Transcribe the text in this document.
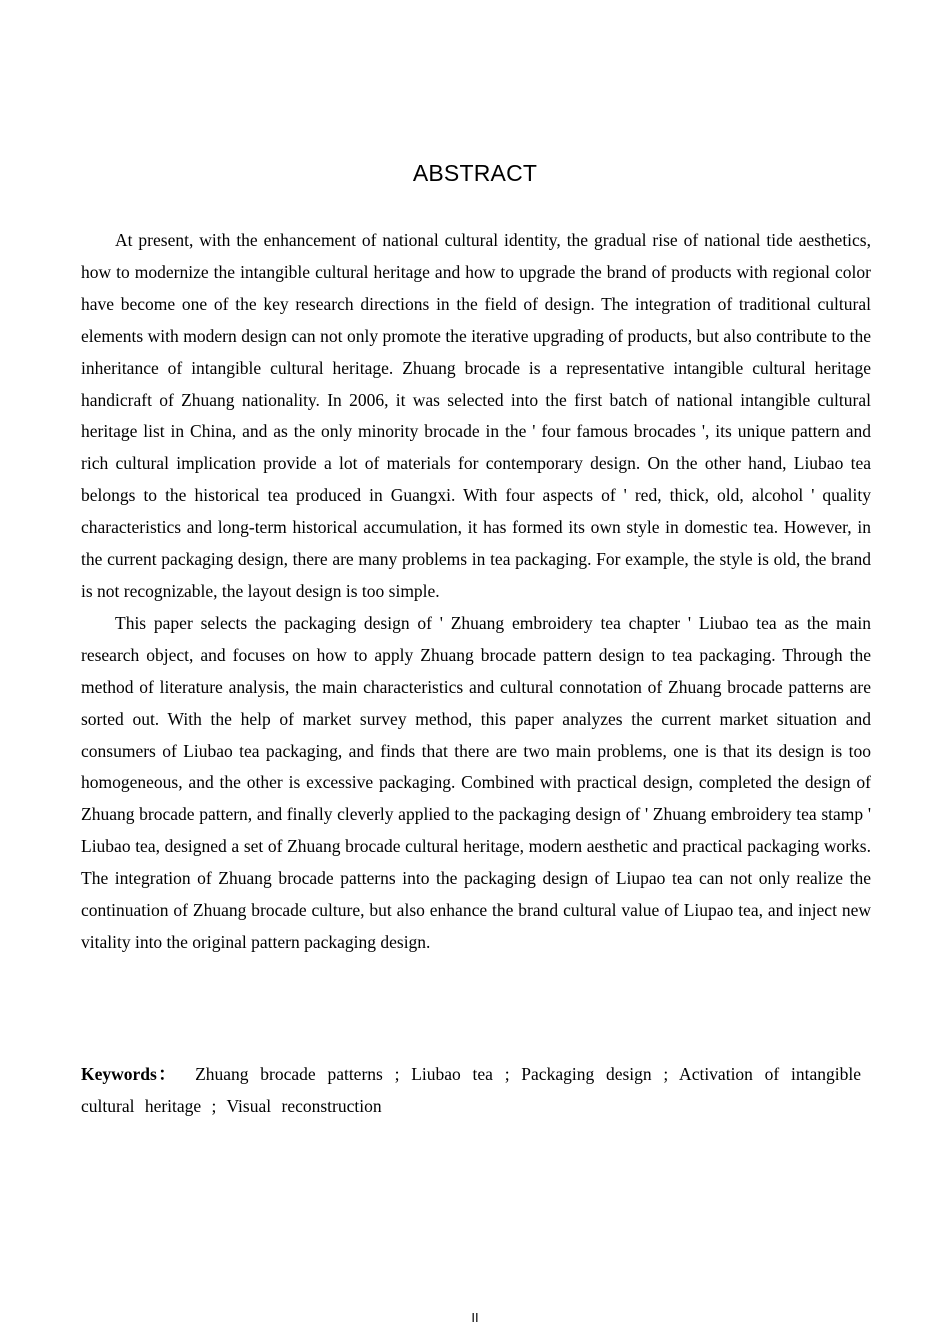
ABSTRACT

At present, with the enhancement of national cultural identity, the gradual rise of national tide aesthetics, how to modernize the intangible cultural heritage and how to upgrade the brand of products with regional color have become one of the key research directions in the field of design. The integration of traditional cultural elements with modern design can not only promote the iterative upgrading of products, but also contribute to the inheritance of intangible cultural heritage. Zhuang brocade is a representative intangible cultural heritage handicraft of Zhuang nationality. In 2006, it was selected into the first batch of national intangible cultural heritage list in China, and as the only minority brocade in the ' four famous brocades ', its unique pattern and rich cultural implication provide a lot of materials for contemporary design. On the other hand, Liubao tea belongs to the historical tea produced in Guangxi. With four aspects of ' red, thick, old, alcohol ' quality characteristics and long-term historical accumulation, it has formed its own style in domestic tea. However, in the current packaging design, there are many problems in tea packaging. For example, the style is old, the brand is not recognizable, the layout design is too simple.

This paper selects the packaging design of ' Zhuang embroidery tea chapter ' Liubao tea as the main research object, and focuses on how to apply Zhuang brocade pattern design to tea packaging. Through the method of literature analysis, the main characteristics and cultural connotation of Zhuang brocade patterns are sorted out. With the help of market survey method, this paper analyzes the current market situation and consumers of Liubao tea packaging, and finds that there are two main problems, one is that its design is too homogeneous, and the other is excessive packaging. Combined with practical design, completed the design of Zhuang brocade pattern, and finally cleverly applied to the packaging design of ' Zhuang embroidery tea stamp ' Liubao tea, designed a set of Zhuang brocade cultural heritage, modern aesthetic and practical packaging works. The integration of Zhuang brocade patterns into the packaging design of Liupao tea can not only realize the continuation of Zhuang brocade culture, but also enhance the brand cultural value of Liupao tea, and inject new vitality into the original pattern packaging design.

Keywords： Zhuang brocade patterns ; Liubao tea ; Packaging design ; Activation of intangible cultural heritage ; Visual reconstruction
II
